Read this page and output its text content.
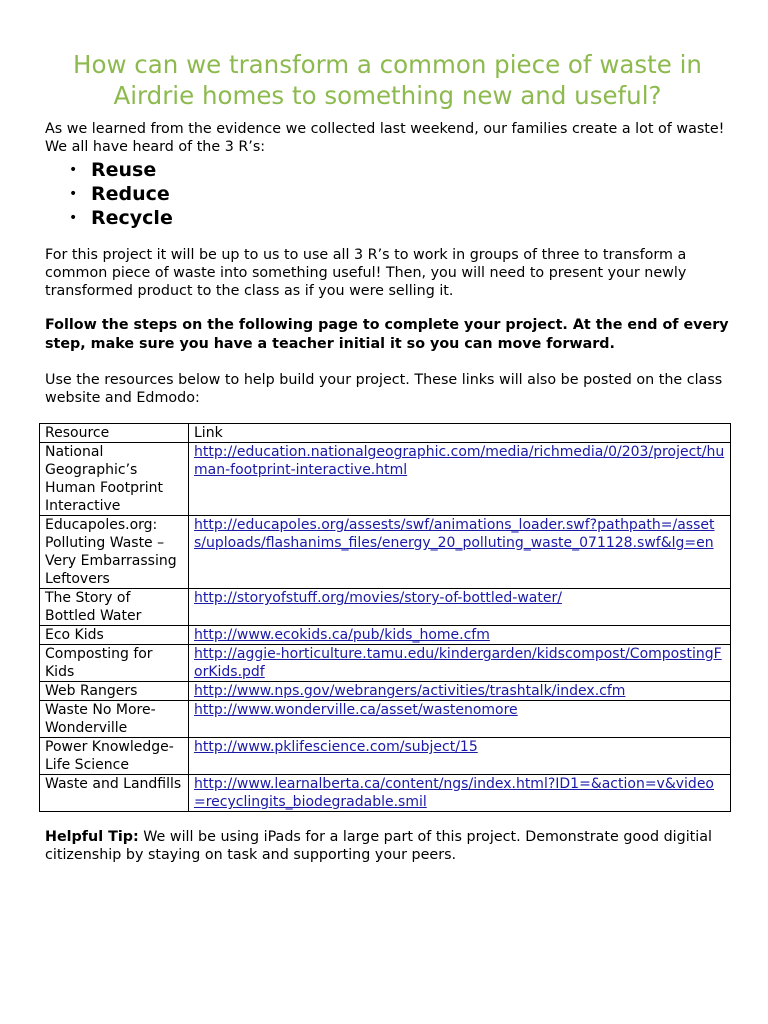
How can we transform a common piece of waste in Airdrie homes to something new and useful?

As we learned from the evidence we collected last weekend, our families create a lot of waste! We all have heard of the 3 R’s:

• Reuse
• Reduce
• Recycle

For this project it will be up to us to use all 3 R’s to work in groups of three to transform a common piece of waste into something useful! Then, you will need to present your newly transformed product to the class as if you were selling it.

Follow the steps on the following page to complete your project. At the end of every step, make sure you have a teacher initial it so you can move forward.

Use the resources below to help build your project. These links will also be posted on the class website and Edmodo:

Resource	Link
National Geographic’s Human Footprint Interactive	http://education.nationalgeographic.com/media/richmedia/0/203/project/human-footprint-interactive.html
Educapoles.org: Polluting Waste – Very Embarrassing Leftovers	http://educapoles.org/assests/swf/animations_loader.swf?pathpath=/assets/uploads/flashanims_files/energy_20_polluting_waste_071128.swf&lg=en
The Story of Bottled Water	http://storyofstuff.org/movies/story-of-bottled-water/
Eco Kids	http://www.ecokids.ca/pub/kids_home.cfm
Composting for Kids	http://aggie-horticulture.tamu.edu/kindergarden/kidscompost/CompostingForKids.pdf
Web Rangers	http://www.nps.gov/webrangers/activities/trashtalk/index.cfm
Waste No More- Wonderville	http://www.wonderville.ca/asset/wastenomore
Power Knowledge- Life Science	http://www.pklifescience.com/subject/15
Waste and Landfills	http://www.learnalberta.ca/content/ngs/index.html?ID1=&action=v&video=recyclingits_biodegradable.smil

Helpful Tip: We will be using iPads for a large part of this project. Demonstrate good digitial citizenship by staying on task and supporting your peers.
